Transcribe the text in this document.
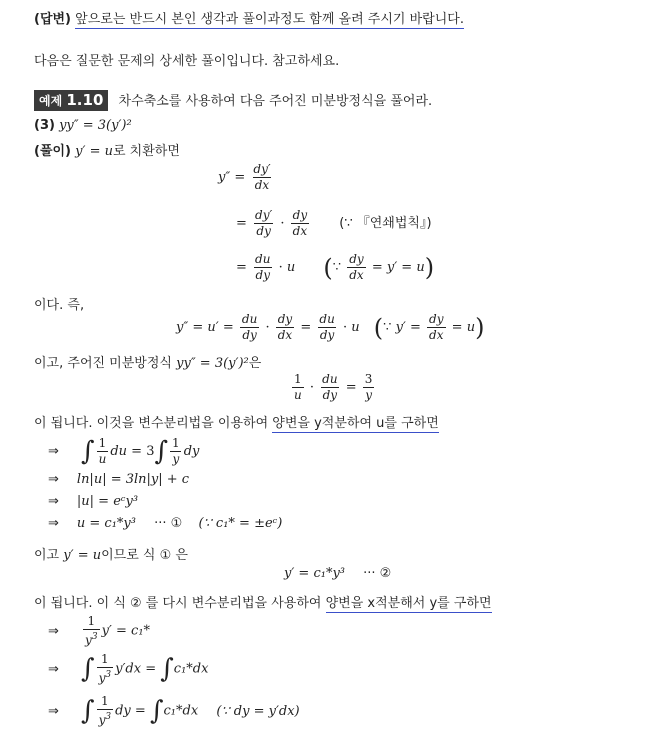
(답변) 앞으로는 반드시 본인 생각과 풀이과정도 함께 올려 주시기 바랍니다.
다음은 질문한 문제의 상세한 풀이입니다. 참고하세요.
예제 1.10 차수축소를 사용하여 다음 주어진 미분방정식을 풀어라.
(3) yy″ = 3(y′)²
(풀이) y′ = u로 치환하면
$y'' = \frac{dy'}{dx}$
= $\frac{dy'}{dy} \cdot \frac{dy}{dx}$ (∵ 『연쇄법칙』)
= $\frac{du}{dy} \cdot u$ (∵ $\frac{dy}{dx} = y' = u$)
이다. 즉,
$y'' = u' = \frac{du}{dy} \cdot \frac{dy}{dx} = \frac{du}{dy} \cdot u$ (∵ $y' = \frac{dy}{dx} = u$)
이고, 주어진 미분방정식 yy″ = 3(y′)²은
$\frac{1}{u} \cdot \frac{du}{dy} = \frac{3}{y}$
이 됩니다. 이것을 변수분리법을 이용하여 양변을 y적분하여 u를 구하면
⇒ ∫ $\frac{1}{u}$ du = $3\int \frac{1}{y}$ dy
⇒ ln|u| = 3ln|y| + c
⇒ |u| = eᶜy³
⇒ u = c₁*y³ ··· ① (∵ c₁* = ±eᶜ)
이고 y′ = u이므로 식 ① 은
y′ = c₁*y³ ··· ②
이 됩니다. 이 식 ② 를 다시 변수분리법을 사용하여 양변을 x적분해서 y를 구하면
⇒ $\frac{1}{y^3} y' = c_1*$
⇒ ∫ $\frac{1}{y^3} y'dx = \int c_1*dx$
⇒ ∫ $\frac{1}{y^3}$ dy = ∫c₁*dx (∵ dy = y′dx)
